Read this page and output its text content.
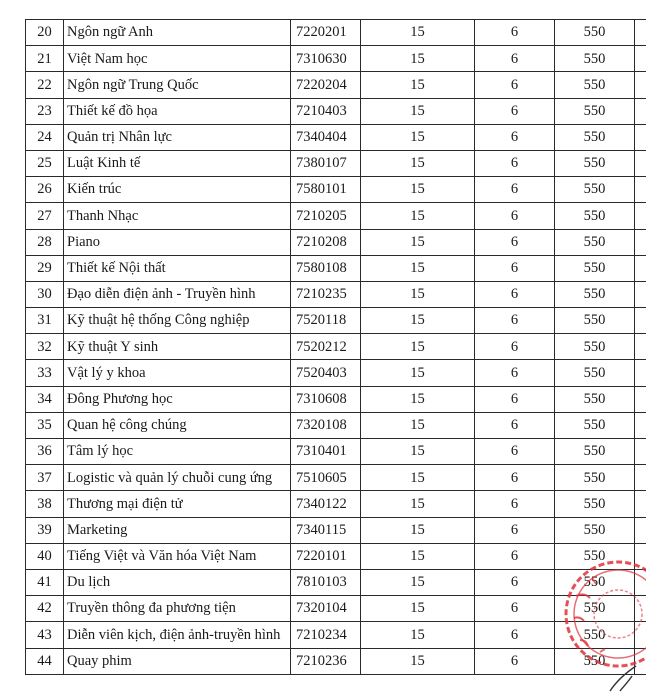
20	Ngôn ngữ Anh	7220201	15	6	550	
21	Việt Nam học	7310630	15	6	550	
22	Ngôn ngữ Trung Quốc	7220204	15	6	550	
23	Thiết kế đồ họa	7210403	15	6	550	
24	Quản trị Nhân lực	7340404	15	6	550	
25	Luật Kinh tế	7380107	15	6	550	
26	Kiến trúc	7580101	15	6	550	
27	Thanh Nhạc	7210205	15	6	550	
28	Piano	7210208	15	6	550	
29	Thiết kế Nội thất	7580108	15	6	550	
30	Đạo diễn điện ảnh - Truyền hình	7210235	15	6	550	
31	Kỹ thuật hệ thống Công nghiệp	7520118	15	6	550	
32	Kỹ thuật Y sinh	7520212	15	6	550	
33	Vật lý y khoa	7520403	15	6	550	
34	Đông Phương học	7310608	15	6	550	
35	Quan hệ công chúng	7320108	15	6	550	
36	Tâm lý học	7310401	15	6	550	
37	Logistic và quản lý chuỗi cung ứng	7510605	15	6	550	
38	Thương mại điện tử	7340122	15	6	550	
39	Marketing	7340115	15	6	550	
40	Tiếng Việt và Văn hóa Việt Nam	7220101	15	6	550	
41	Du lịch	7810103	15	6	550	
42	Truyền thông đa phương tiện	7320104	15	6	550	
43	Diễn viên kịch, điện ảnh-truyền hình	7210234	15	6	550	
44	Quay phim	7210236	15	6	550	
